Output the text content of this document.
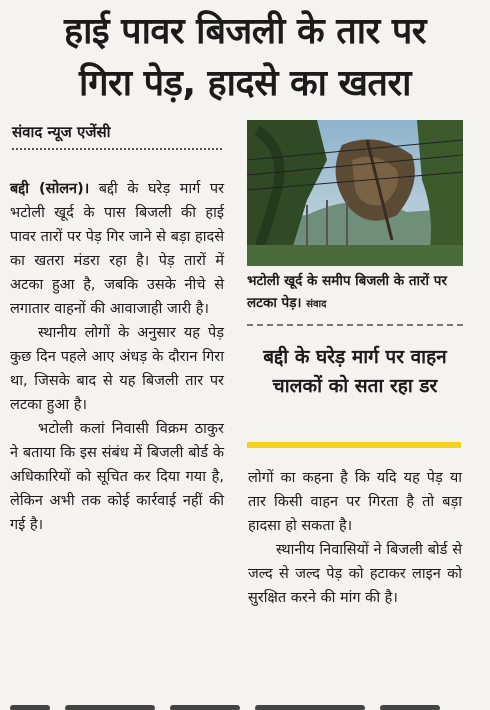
हाई पावर बिजली के तार पर
गिरा पेड़, हादसे का खतरा
संवाद न्यूज एजेंसी

बद्दी (सोलन)। बद्दी के घरेड़ मार्ग पर भटोली खूर्द के पास बिजली की हाई पावर तारों पर पेड़ गिर जाने से बड़ा हादसे का खतरा मंडरा रहा है। पेड़ तारों में अटका हुआ है, जबकि उसके नीचे से लगातार वाहनों की आवाजाही जारी है।

स्थानीय लोगों के अनुसार यह पेड़ कुछ दिन पहले आए अंधड़ के दौरान गिरा था, जिसके बाद से यह बिजली तार पर लटका हुआ है।

भटोली कलां निवासी विक्रम ठाकुर ने बताया कि इस संबंध में बिजली बोर्ड के अधिकारियों को सूचित कर दिया गया है, लेकिन अभी तक कोई कार्रवाई नहीं की गई है।

भटोली खूर्द के समीप बिजली के तारों पर लटका पेड़। संवाद
बद्दी के घरेड़ मार्ग पर वाहन चालकों को सता रहा डर

लोगों का कहना है कि यदि यह पेड़ या तार किसी वाहन पर गिरता है तो बड़ा हादसा हो सकता है।

स्थानीय निवासियों ने बिजली बोर्ड से जल्द से जल्द पेड़ को हटाकर लाइन को सुरक्षित करने की मांग की है।
